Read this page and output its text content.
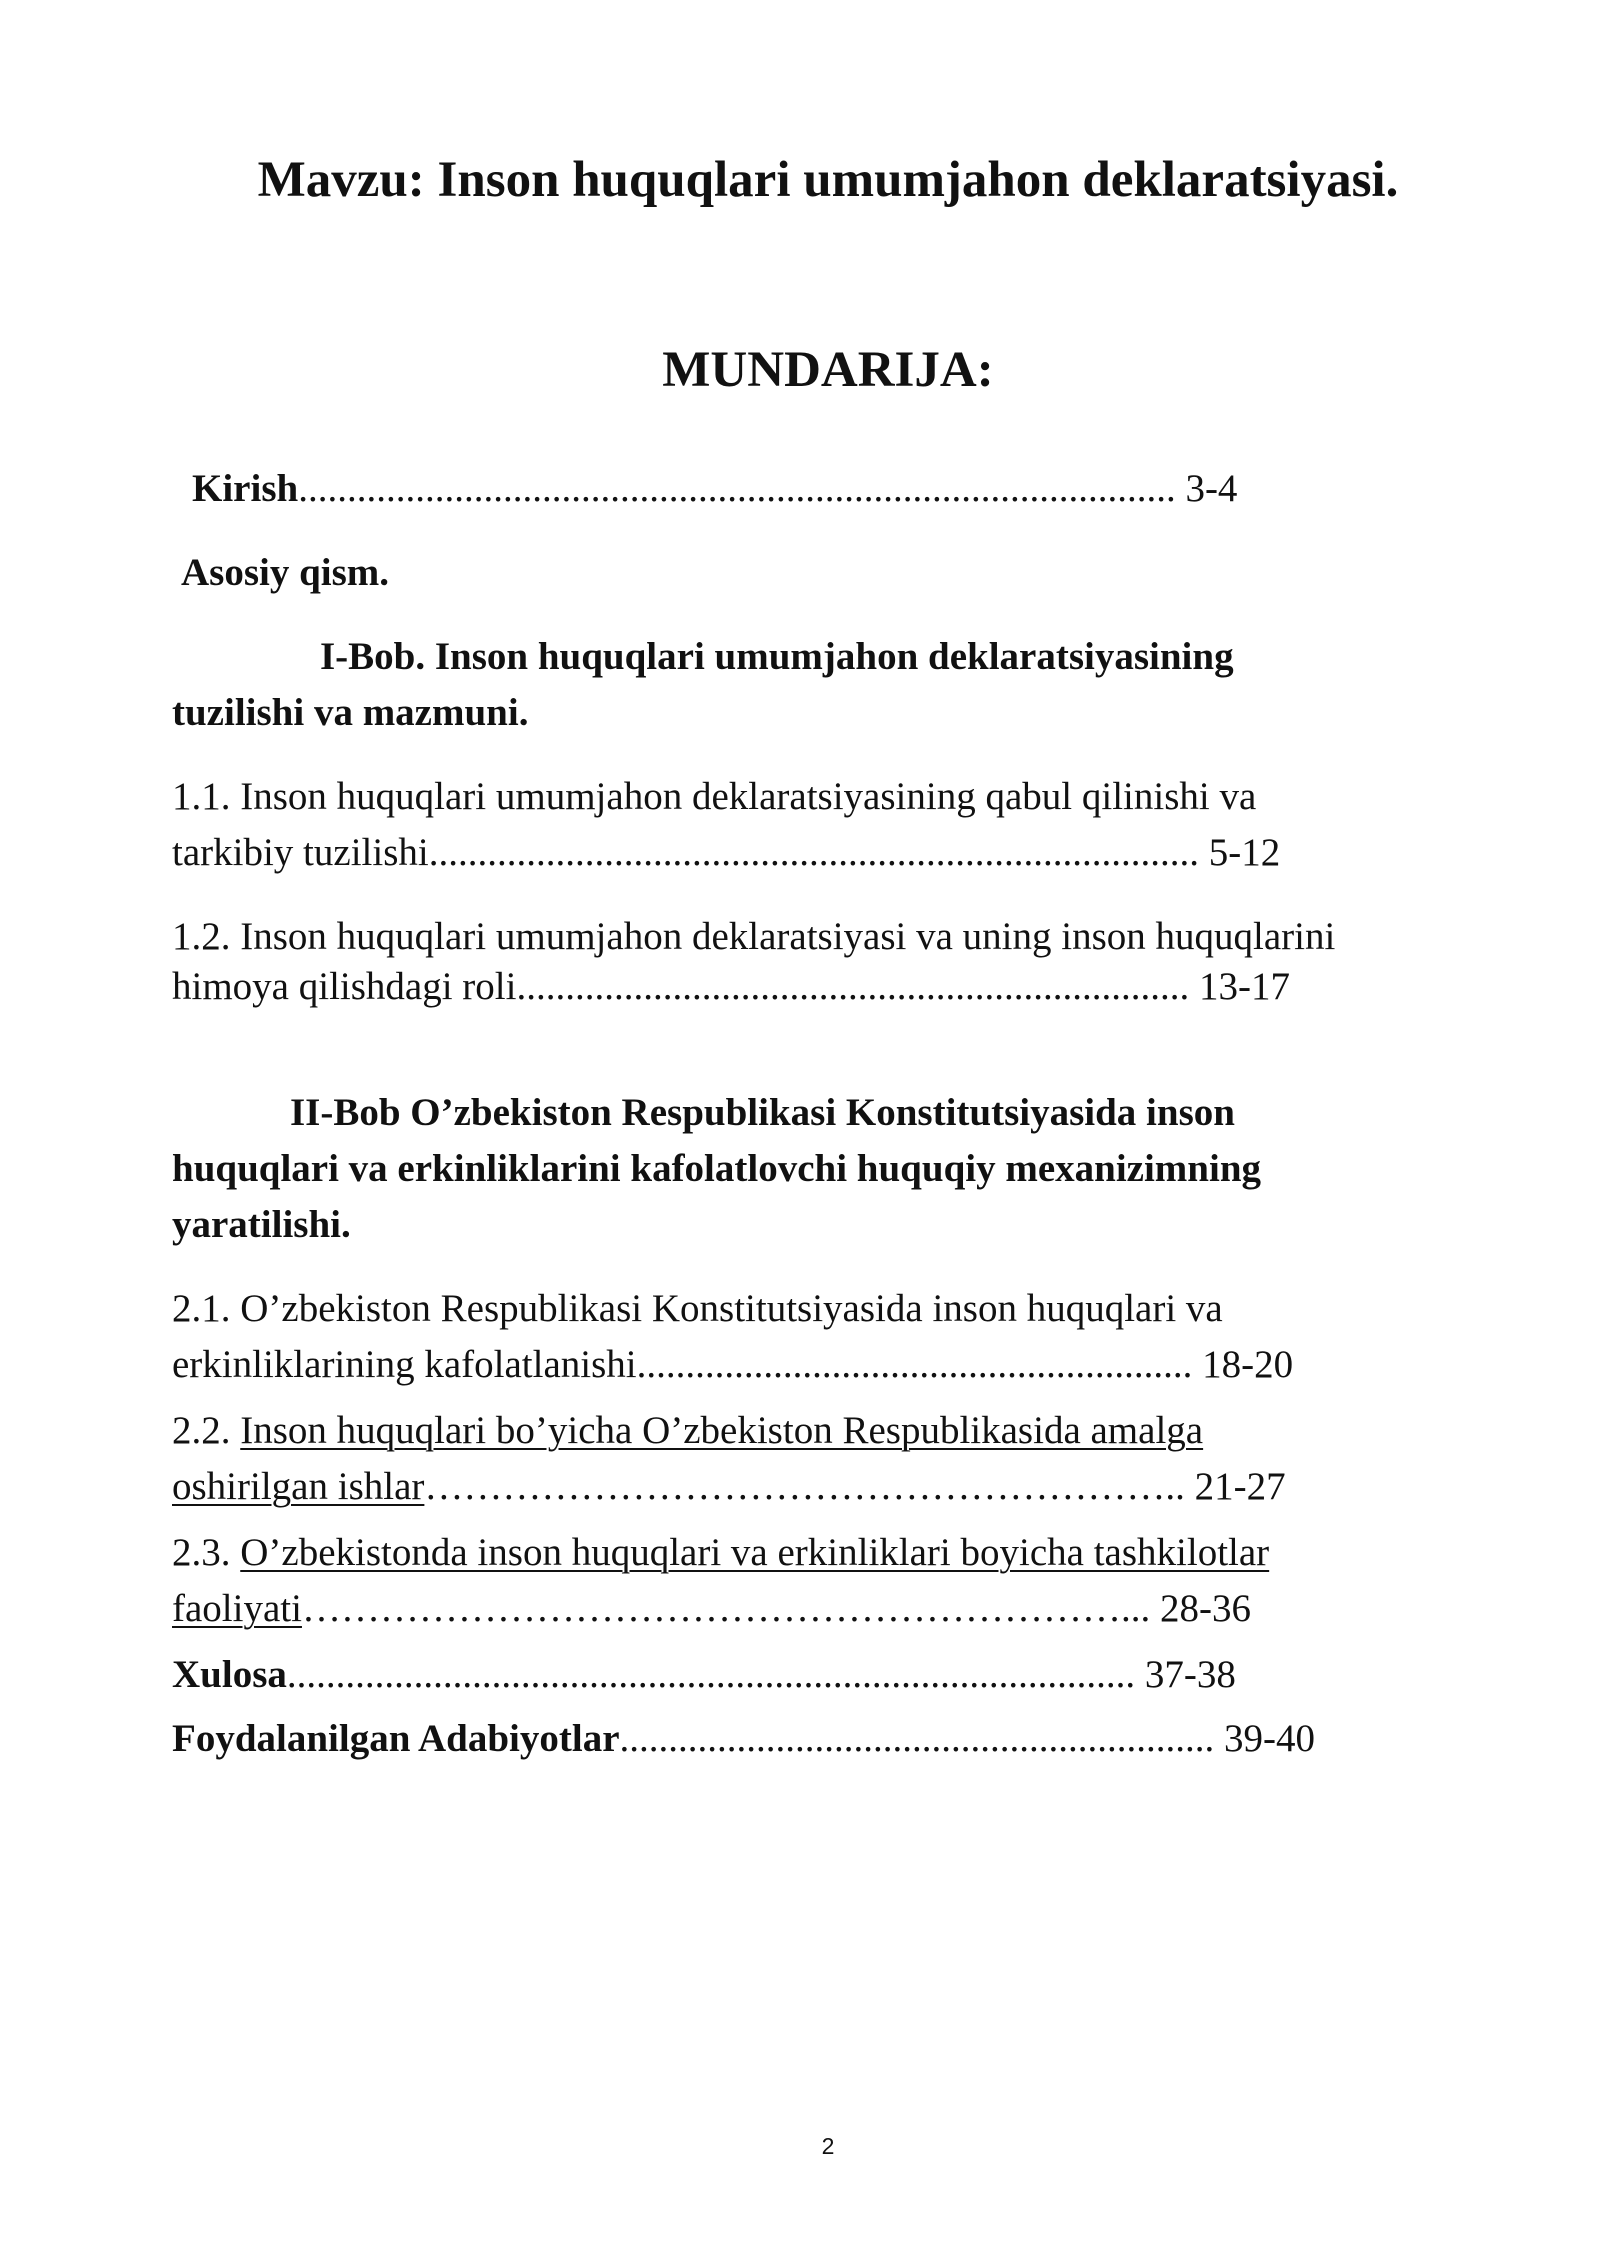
Mavzu: Inson huquqlari umumjahon deklaratsiyasi.
MUNDARIJA:
Kirish.......................................................................................... 3-4
Asosiy qism.
I-Bob. Inson huquqlari umumjahon deklaratsiyasining
tuzilishi va mazmuni.
1.1. Inson huquqlari umumjahon deklaratsiyasining qabul qilinishi va
tarkibiy tuzilishi............................................................................... 5-12
1.2. Inson huquqlari umumjahon deklaratsiyasi va uning inson huquqlarini
himoya qilishdagi roli..................................................................... 13-17
II-Bob O’zbekiston Respublikasi Konstitutsiyasida inson
huquqlari va erkinliklarini kafolatlovchi huquqiy mexanizimning
yaratilishi.
2.1. O’zbekiston Respublikasi Konstitutsiyasida inson huquqlari va
erkinliklarining kafolatlanishi......................................................... 18-20
2.2. Inson huquqlari bo’yicha O’zbekiston Respublikasida amalga
oshirilgan ishlar………………………………………………….. 21-27
2.3. O’zbekistonda inson huquqlari va erkinliklari boyicha tashkilotlar
faoliyati………………………………………………………... 28-36
Xulosa....................................................................................... 37-38
Foydalanilgan Adabiyotlar............................................................. 39-40
2
